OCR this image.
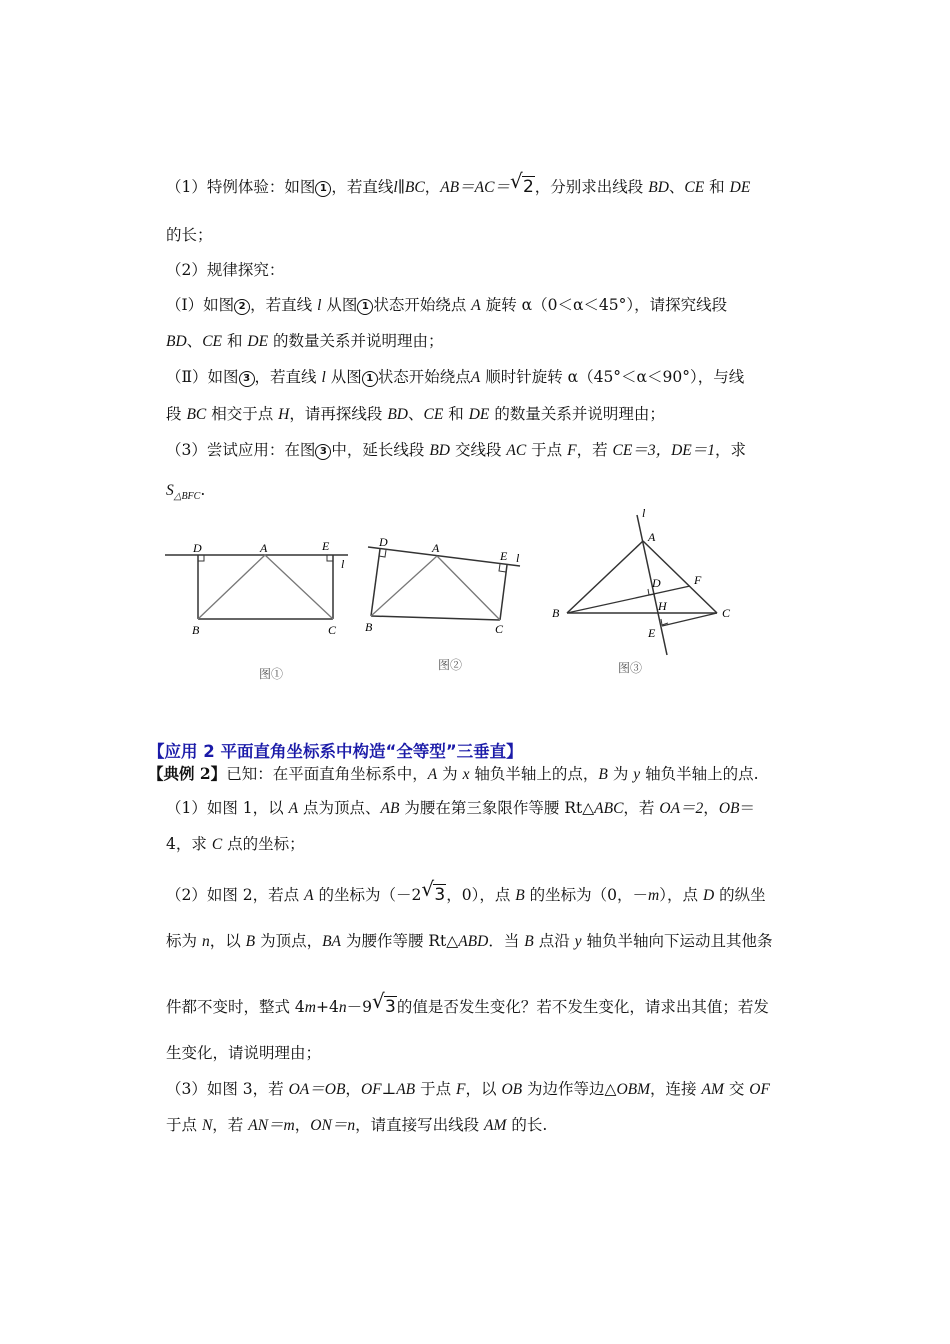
（1）特例体验：如图 1 ，若直线l∥BC，AB＝AC＝ √ 2，分别求出线段 BD、CE 和 DE
的长；
（2）规律探究：
（Ⅰ）如图 2 ，若直线 l 从图 1 状态开始绕点 A 旋转 α（0＜α＜45°），请探究线段
BD、CE 和 DE 的数量关系并说明理由；
（Ⅱ）如图 3 ，若直线 l 从图 1 状态开始绕点A 顺时针旋转 α（45°＜α＜90°），与线
段 BC 相交于点 H，请再探线段 BD、CE 和 DE 的数量关系并说明理由；
（3）尝试应用：在图 3 中，延长线段 BD 交线段 AC 于点 F，若 CE＝3，DE＝1，求
$S_{\triangle BFC}$.
D	A	E
l
B	C
图①
D	A
E l
B	C
图②
l
A
D	F
B	H	C
E
图③
【应用 2 平面直角坐标系中构造“全等型”三垂直】
【典例 2】已知：在平面直角坐标系中，A 为 x 轴负半轴上的点，B 为 y 轴负半轴上的点.
（1）如图 1，以 A 点为顶点、AB 为腰在第三象限作等腰 Rt△ABC，若 OA＝2，OB＝
4，求 C 点的坐标；
（2）如图 2，若点 A 的坐标为（－2 √ 3，0），点 B 的坐标为（0，－m），点 D 的纵坐
标为 n，以 B 为顶点，BA 为腰作等腰 Rt△ABD．当 B 点沿 y 轴负半轴向下运动且其他条
件都不变时，整式 4m+4n－9 √ 3的值是否发生变化？若不发生变化，请求出其值；若发
生变化，请说明理由；
（3）如图 3，若 OA＝OB，OF⊥AB 于点 F，以 OB 为边作等边△OBM，连接 AM 交 OF
于点 N，若 AN＝m，ON＝n，请直接写出线段 AM 的长.
